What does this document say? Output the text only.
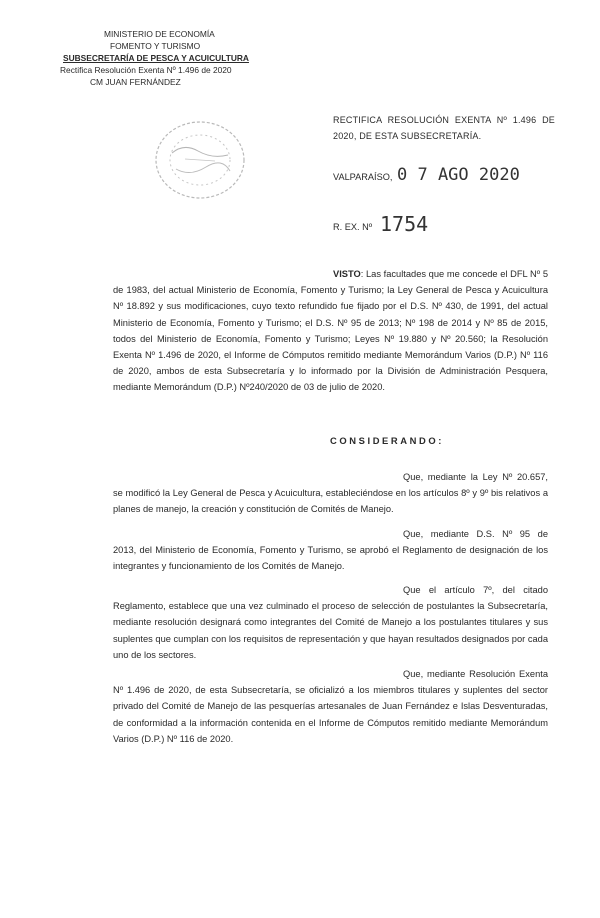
MINISTERIO DE ECONOMÍA
FOMENTO Y TURISMO
SUBSECRETARÍA DE PESCA Y ACUICULTURA
Rectifica Resolución Exenta Nº 1.496 de 2020
CM JUAN FERNÁNDEZ
RECTIFICA RESOLUCIÓN EXENTA Nº 1.496 DE 2020, DE ESTA SUBSECRETARÍA.
VALPARAÍSO, 0 7 AGO 2020
R. EX. Nº 1754
VISTO: Las facultades que me concede el DFL Nº 5 de 1983, del actual Ministerio de Economía, Fomento y Turismo; la Ley General de Pesca y Acuicultura Nº 18.892 y sus modificaciones, cuyo texto refundido fue fijado por el D.S. Nº 430, de 1991, del actual Ministerio de Economía, Fomento y Turismo; el D.S. Nº 95 de 2013; Nº 198 de 2014 y Nº 85 de 2015, todos del Ministerio de Economía, Fomento y Turismo; Leyes Nº 19.880 y Nº 20.560; la Resolución Exenta Nº 1.496 de 2020, el Informe de Cómputos remitido mediante Memorándum Varios (D.P.) Nº 116 de 2020, ambos de esta Subsecretaría y lo informado por la División de Administración Pesquera, mediante Memorándum (D.P.) Nº240/2020 de 03 de julio de 2020.
CONSIDERANDO:
Que, mediante la Ley Nº 20.657, se modificó la Ley General de Pesca y Acuicultura, estableciéndose en los artículos 8º y 9º bis relativos a planes de manejo, la creación y constitución de Comités de Manejo.
Que, mediante D.S. Nº 95 de 2013, del Ministerio de Economía, Fomento y Turismo, se aprobó el Reglamento de designación de los integrantes y funcionamiento de los Comités de Manejo.
Que el artículo 7º, del citado Reglamento, establece que una vez culminado el proceso de selección de postulantes la Subsecretaría, mediante resolución designará como integrantes del Comité de Manejo a los postulantes titulares y sus suplentes que cumplan con los requisitos de representación y que hayan resultados designados por cada uno de los sectores.
Que, mediante Resolución Exenta Nº 1.496 de 2020, de esta Subsecretaría, se oficializó a los miembros titulares y suplentes del sector privado del Comité de Manejo de las pesquerías artesanales de Juan Fernández e Islas Desventuradas, de conformidad a la información contenida en el Informe de Cómputos remitido mediante Memorándum Varios (D.P.) Nº 116 de 2020.
